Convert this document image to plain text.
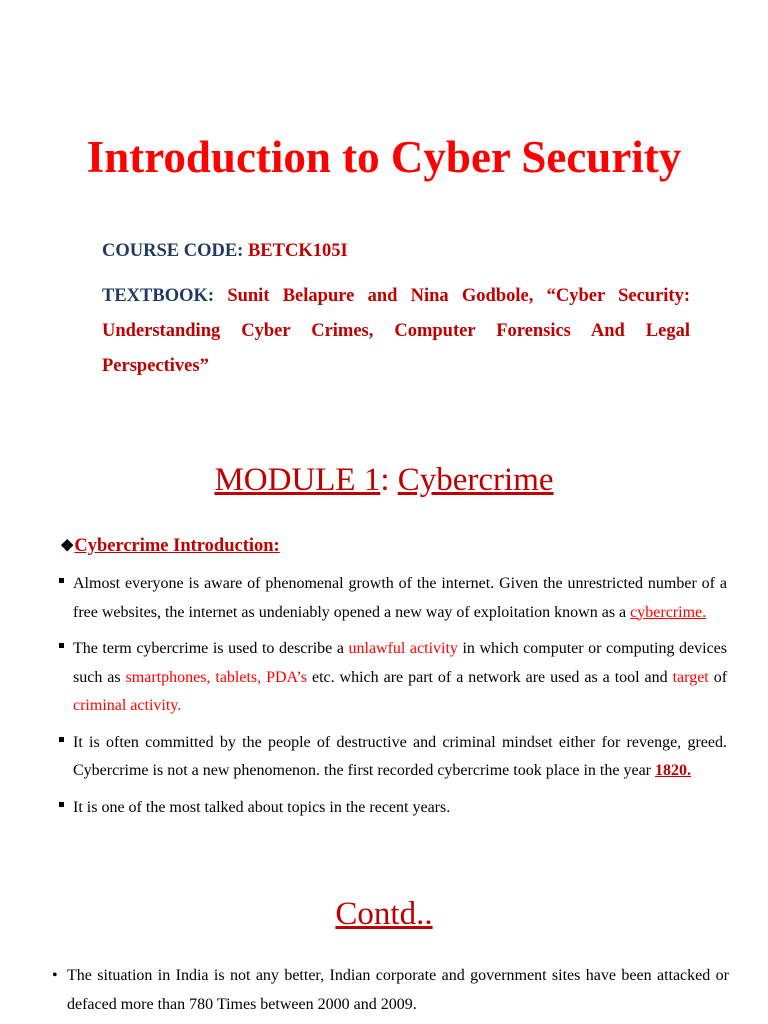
Introduction to Cyber Security
COURSE CODE: BETCK105I
TEXTBOOK: Sunit Belapure and Nina Godbole, “Cyber Security: Understanding Cyber Crimes, Computer Forensics And Legal Perspectives”
MODULE 1: Cybercrime
❖Cybercrime Introduction:
Almost everyone is aware of phenomenal growth of the internet. Given the unrestricted number of a free websites, the internet as undeniably opened a new way of exploitation known as a cybercrime.
The term cybercrime is used to describe a unlawful activity in which computer or computing devices such as smartphones, tablets, PDA’s etc. which are part of a network are used as a tool and target of criminal activity.
It is often committed by the people of destructive and criminal mindset either for revenge, greed. Cybercrime is not a new phenomenon. the first recorded cybercrime took place in the year 1820.
It is one of the most talked about topics in the recent years.
Contd..
• The situation in India is not any better, Indian corporate and government sites have been attacked or defaced more than 780 Times between 2000 and 2009.
